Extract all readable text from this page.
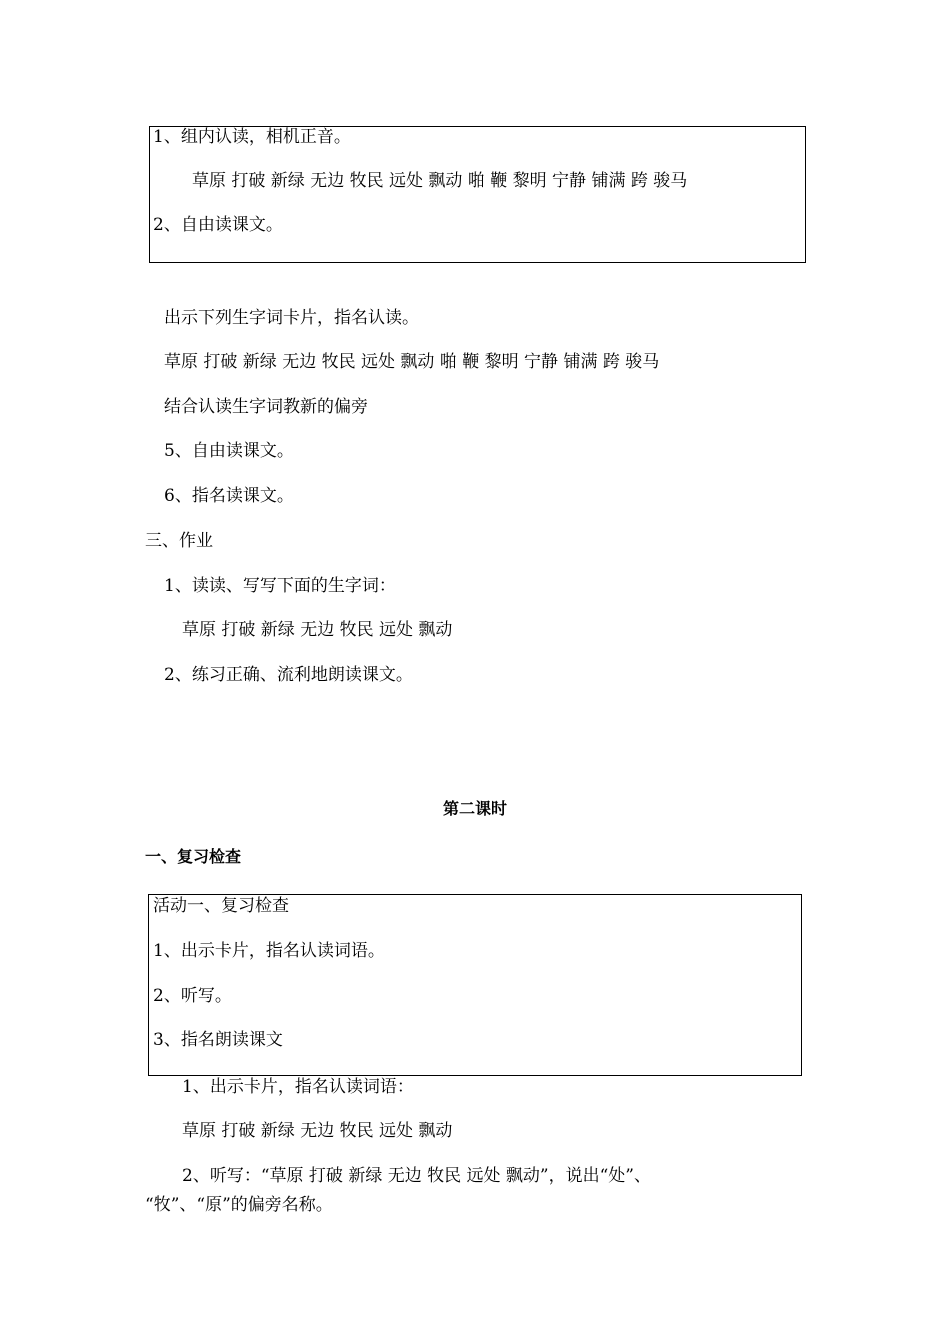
1、组内认读，相机正音。
草原 打破 新绿 无边 牧民 远处 飘动 啪 鞭 黎明 宁静 铺满 跨 骏马
2、自由读课文。
出示下列生字词卡片，指名认读。
草原 打破 新绿 无边 牧民 远处 飘动 啪 鞭 黎明 宁静 铺满 跨 骏马
结合认读生字词教新的偏旁
5、自由读课文。
6、指名读课文。
三、作业
1、读读、写写下面的生字词：
草原 打破 新绿 无边 牧民 远处 飘动
2、练习正确、流利地朗读课文。
第二课时
一、复习检查
活动一、复习检查
1、出示卡片，指名认读词语。
2、听写。
3、指名朗读课文
1、出示卡片，指名认读词语：
草原 打破 新绿 无边 牧民 远处 飘动
2、听写：“草原 打破 新绿 无边 牧民 远处 飘动”，说出“处”、
“牧”、“原”的偏旁名称。
